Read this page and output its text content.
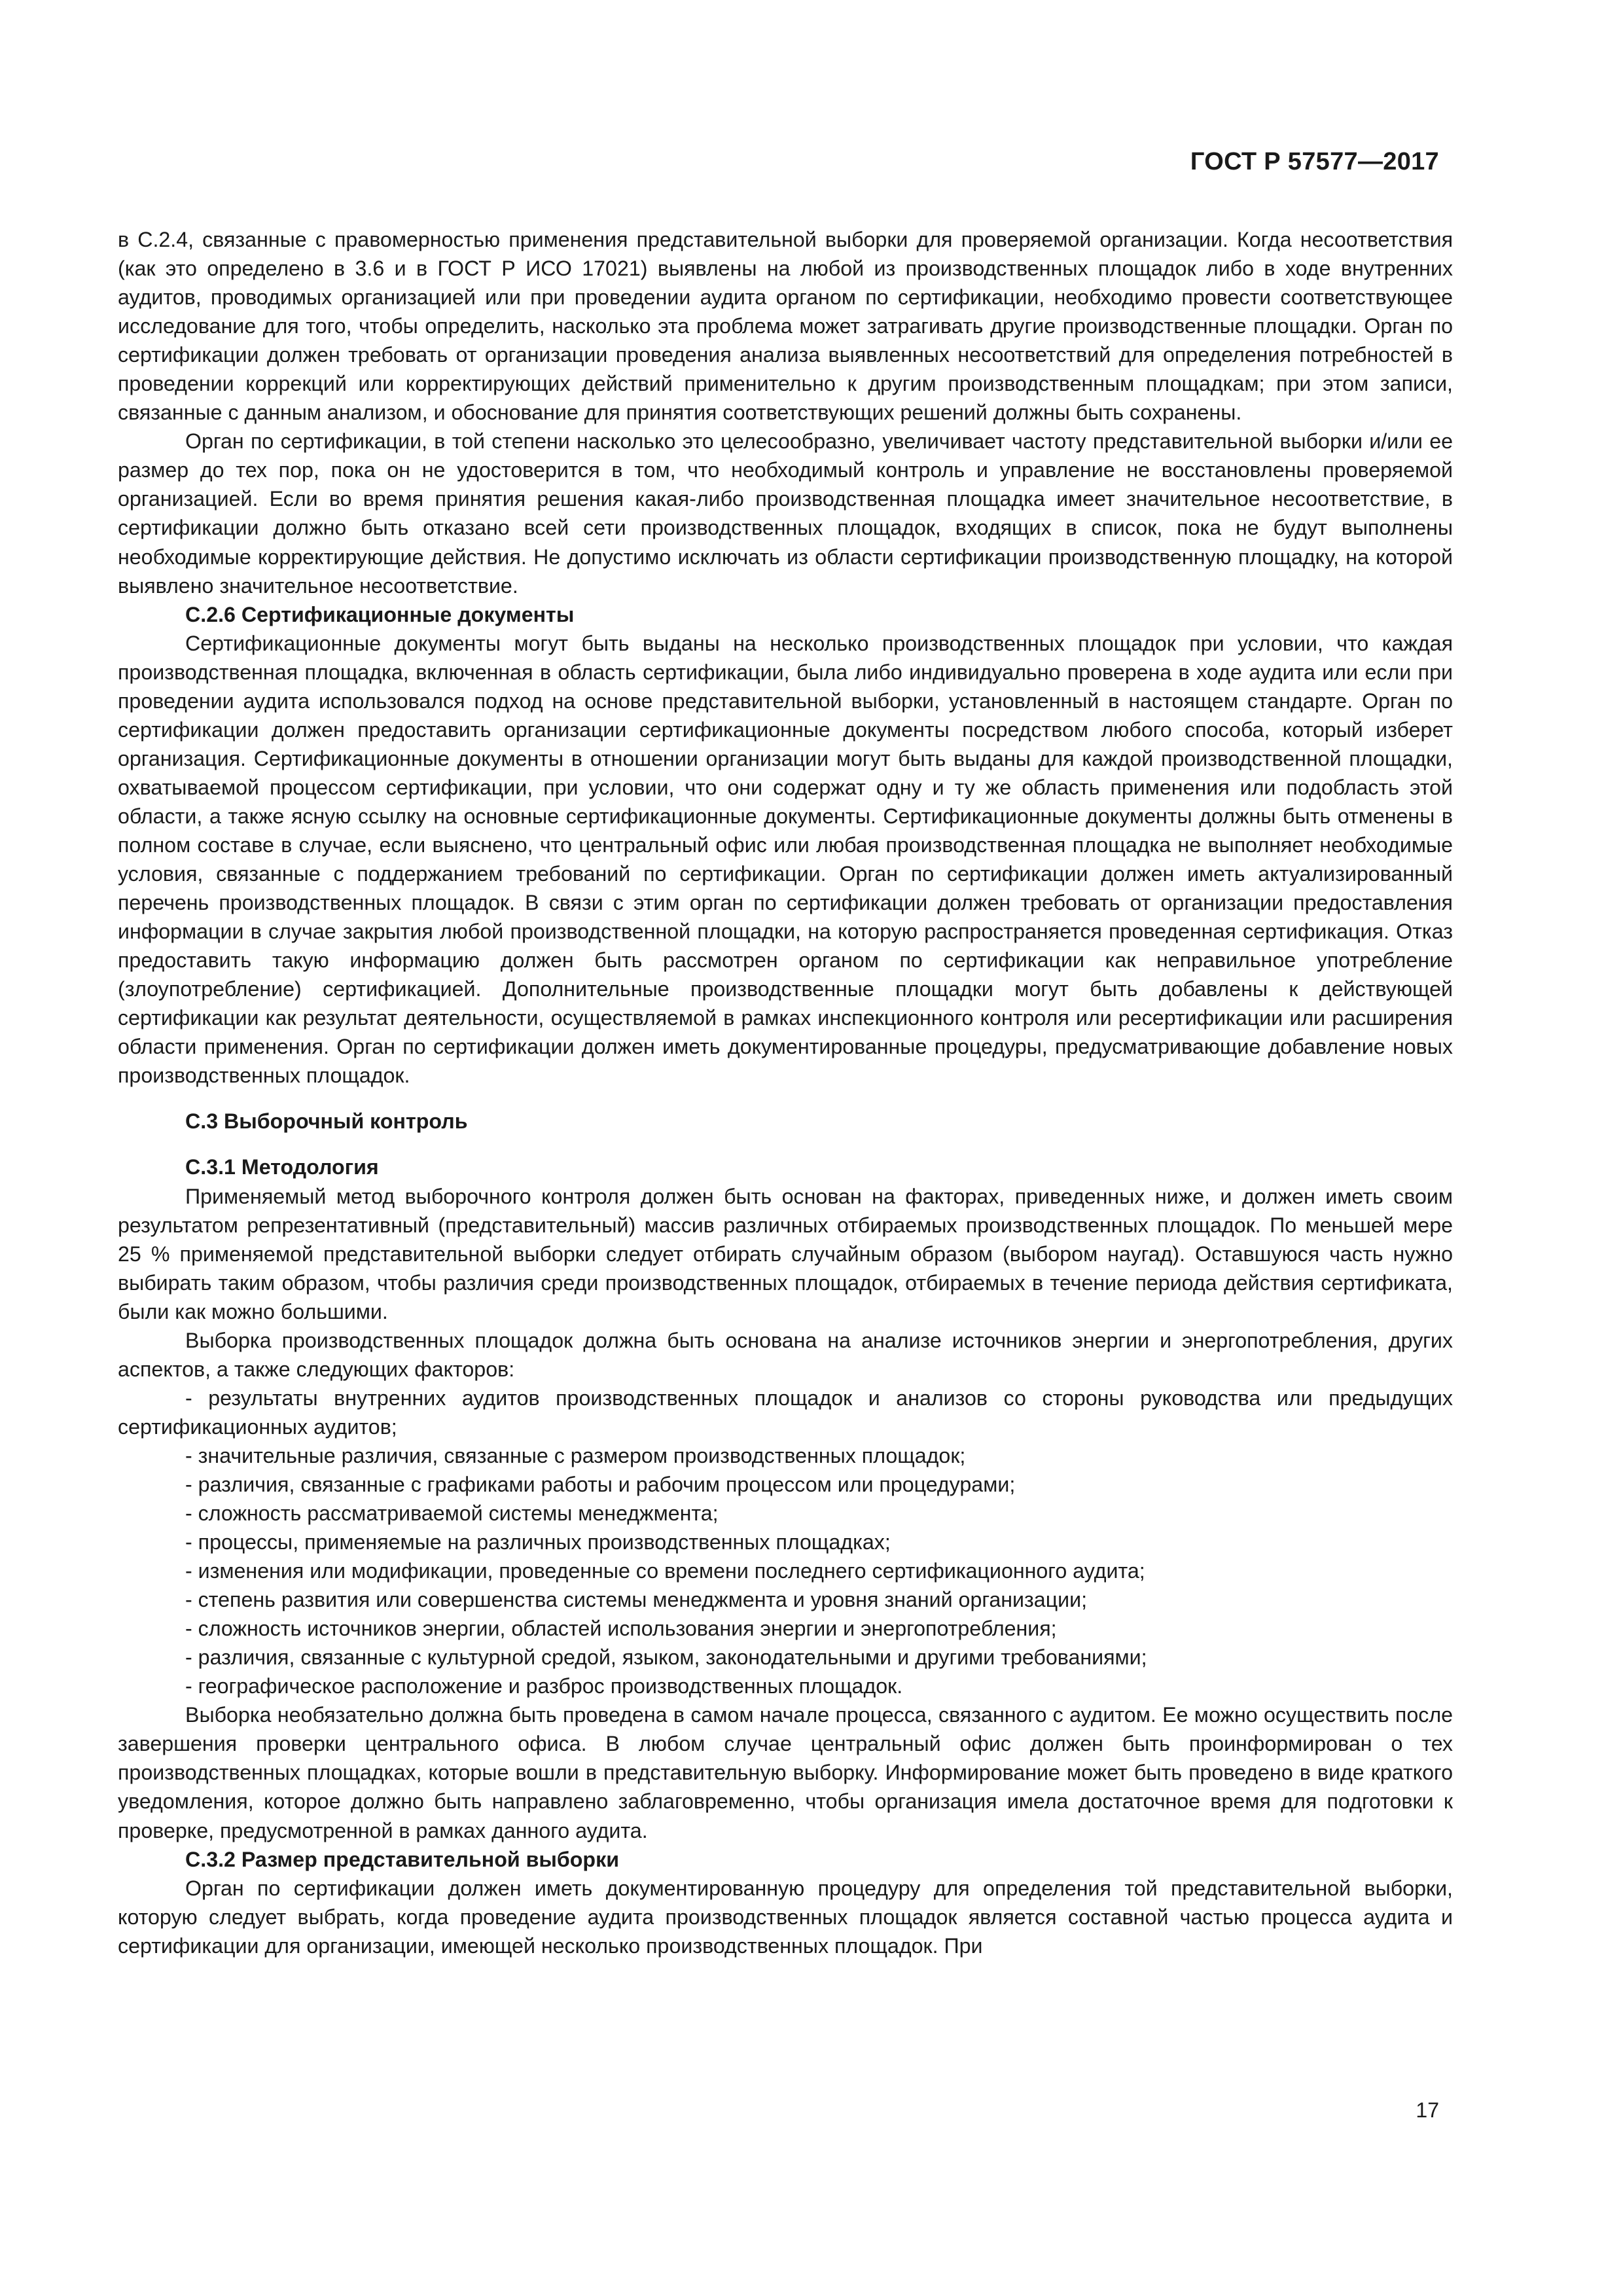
ГОСТ Р 57577—2017

в С.2.4, связанные с правомерностью применения представительной выборки для проверяемой организации. Когда несоответствия (как это определено в 3.6 и в ГОСТ Р ИСО 17021) выявлены на любой из производственных площадок либо в ходе внутренних аудитов, проводимых организацией или при проведении аудита органом по сертификации, необходимо провести соответствующее исследование для того, чтобы определить, насколько эта проблема может затрагивать другие производственные площадки. Орган по сертификации должен требовать от организации проведения анализа выявленных несоответствий для определения потребностей в проведении коррекций или корректирующих действий применительно к другим производственным площадкам; при этом записи, связанные с данным анализом, и обоснование для принятия соответствующих решений должны быть сохранены.

Орган по сертификации, в той степени насколько это целесообразно, увеличивает частоту представительной выборки и/или ее размер до тех пор, пока он не удостоверится в том, что необходимый контроль и управление не восстановлены проверяемой организацией. Если во время принятия решения какая-либо производственная площадка имеет значительное несоответствие, в сертификации должно быть отказано всей сети производственных площадок, входящих в список, пока не будут выполнены необходимые корректирующие действия. Не допустимо исключать из области сертификации производственную площадку, на которой выявлено значительное несоответствие.

С.2.6 Сертификационные документы

Сертификационные документы могут быть выданы на несколько производственных площадок при условии, что каждая производственная площадка, включенная в область сертификации, была либо индивидуально проверена в ходе аудита или если при проведении аудита использовался подход на основе представительной выборки, установленный в настоящем стандарте. Орган по сертификации должен предоставить организации сертификационные документы посредством любого способа, который изберет организация. Сертификационные документы в отношении организации могут быть выданы для каждой производственной площадки, охватываемой процессом сертификации, при условии, что они содержат одну и ту же область применения или подобласть этой области, а также ясную ссылку на основные сертификационные документы. Сертификационные документы должны быть отменены в полном составе в случае, если выяснено, что центральный офис или любая производственная площадка не выполняет необходимые условия, связанные с поддержанием требований по сертификации. Орган по сертификации должен иметь актуализированный перечень производственных площадок. В связи с этим орган по сертификации должен требовать от организации предоставления информации в случае закрытия любой производственной площадки, на которую распространяется проведенная сертификация. Отказ предоставить такую информацию должен быть рассмотрен органом по сертификации как неправильное употребление (злоупотребление) сертификацией. Дополнительные производственные площадки могут быть добавлены к действующей сертификации как результат деятельности, осуществляемой в рамках инспекционного контроля или ресертификации или расширения области применения. Орган по сертификации должен иметь документированные процедуры, предусматривающие добавление новых производственных площадок.

С.3 Выборочный контроль

С.3.1 Методология

Применяемый метод выборочного контроля должен быть основан на факторах, приведенных ниже, и должен иметь своим результатом репрезентативный (представительный) массив различных отбираемых производственных площадок. По меньшей мере 25 % применяемой представительной выборки следует отбирать случайным образом (выбором наугад). Оставшуюся часть нужно выбирать таким образом, чтобы различия среди производственных площадок, отбираемых в течение периода действия сертификата, были как можно большими.

Выборка производственных площадок должна быть основана на анализе источников энергии и энергопотребления, других аспектов, а также следующих факторов:

- результаты внутренних аудитов производственных площадок и анализов со стороны руководства или предыдущих сертификационных аудитов;
- значительные различия, связанные с размером производственных площадок;
- различия, связанные с графиками работы и рабочим процессом или процедурами;
- сложность рассматриваемой системы менеджмента;
- процессы, применяемые на различных производственных площадках;
- изменения или модификации, проведенные со времени последнего сертификационного аудита;
- степень развития или совершенства системы менеджмента и уровня знаний организации;
- сложность источников энергии, областей использования энергии и энергопотребления;
- различия, связанные с культурной средой, языком, законодательными и другими требованиями;
- географическое расположение и разброс производственных площадок.

Выборка необязательно должна быть проведена в самом начале процесса, связанного с аудитом. Ее можно осуществить после завершения проверки центрального офиса. В любом случае центральный офис должен быть проинформирован о тех производственных площадках, которые вошли в представительную выборку. Информирование может быть проведено в виде краткого уведомления, которое должно быть направлено заблаговременно, чтобы организация имела достаточное время для подготовки к проверке, предусмотренной в рамках данного аудита.

С.3.2 Размер представительной выборки

Орган по сертификации должен иметь документированную процедуру для определения той представительной выборки, которую следует выбрать, когда проведение аудита производственных площадок является составной частью процесса аудита и сертификации для организации, имеющей несколько производственных площадок. При

17
